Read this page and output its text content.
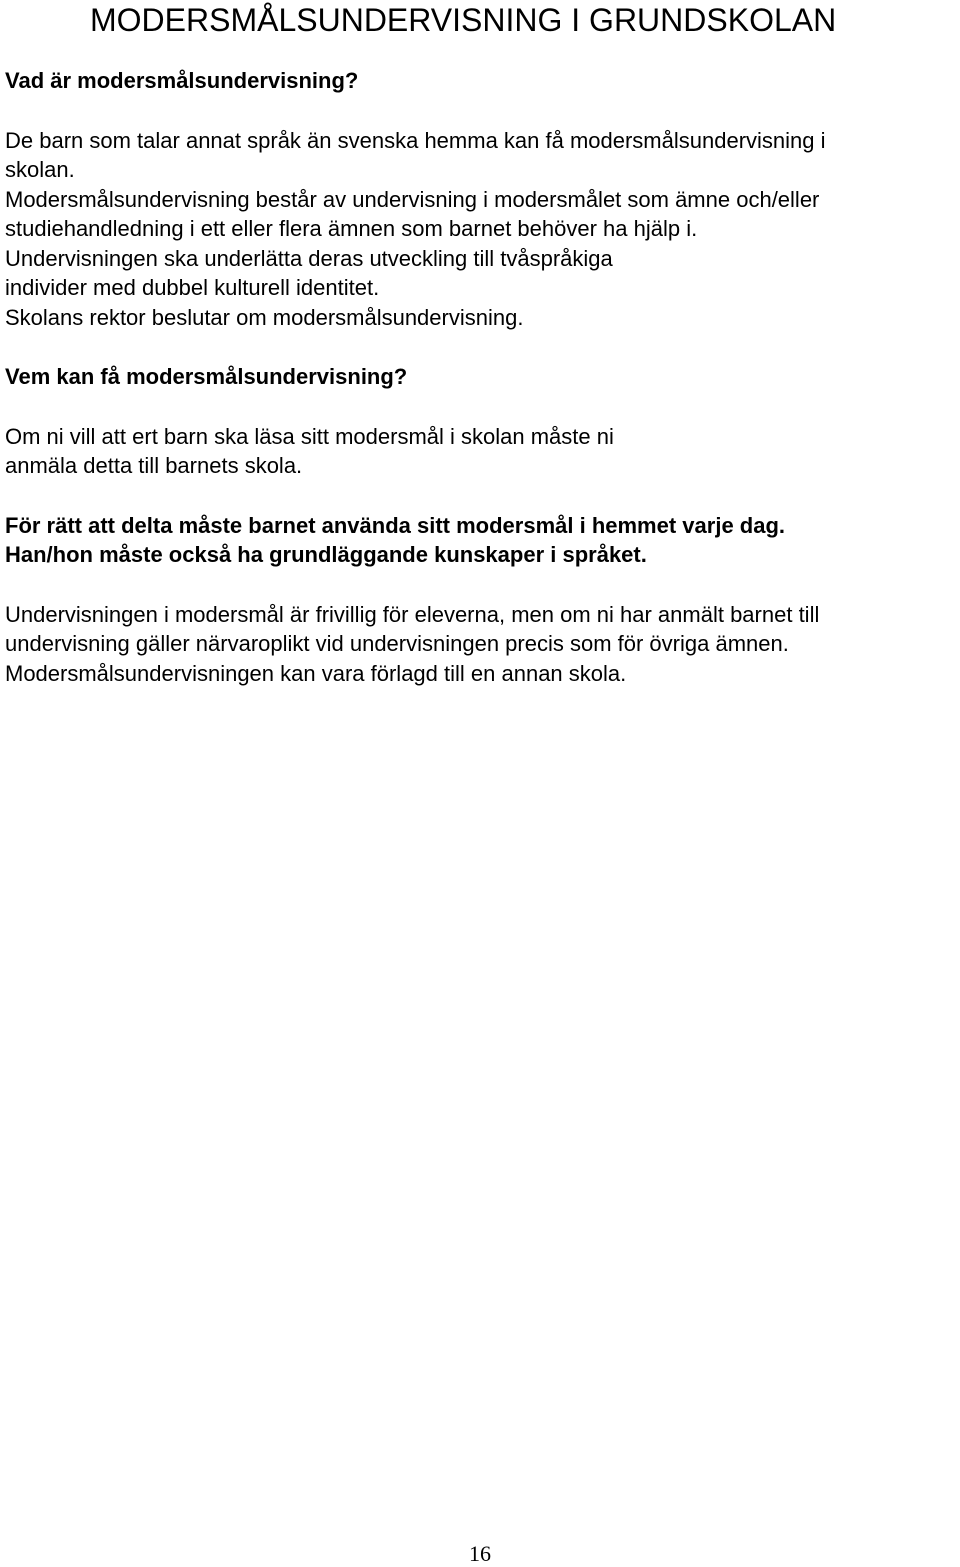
MODERSMÅLSUNDERVISNING I GRUNDSKOLAN

Vad är modersmålsundervisning?

De barn som talar annat språk än svenska hemma kan få modersmålsundervisning i
skolan.
Modersmålsundervisning består av undervisning i modersmålet som ämne och/eller
studiehandledning i ett eller flera ämnen som barnet behöver ha hjälp i.
Undervisningen ska underlätta deras utveckling till tvåspråkiga
individer med dubbel kulturell identitet.
Skolans rektor beslutar om modersmålsundervisning.

Vem kan få modersmålsundervisning?

Om ni vill att ert barn ska läsa sitt modersmål i skolan måste ni
anmäla detta till barnets skola.

För rätt att delta måste barnet använda sitt modersmål i hemmet varje dag.
Han/hon måste också ha grundläggande kunskaper i språket.

Undervisningen i modersmål är frivillig för eleverna, men om ni har anmält barnet till
undervisning gäller närvaroplikt vid undervisningen precis som för övriga ämnen.
Modersmålsundervisningen kan vara förlagd till en annan skola.

16
